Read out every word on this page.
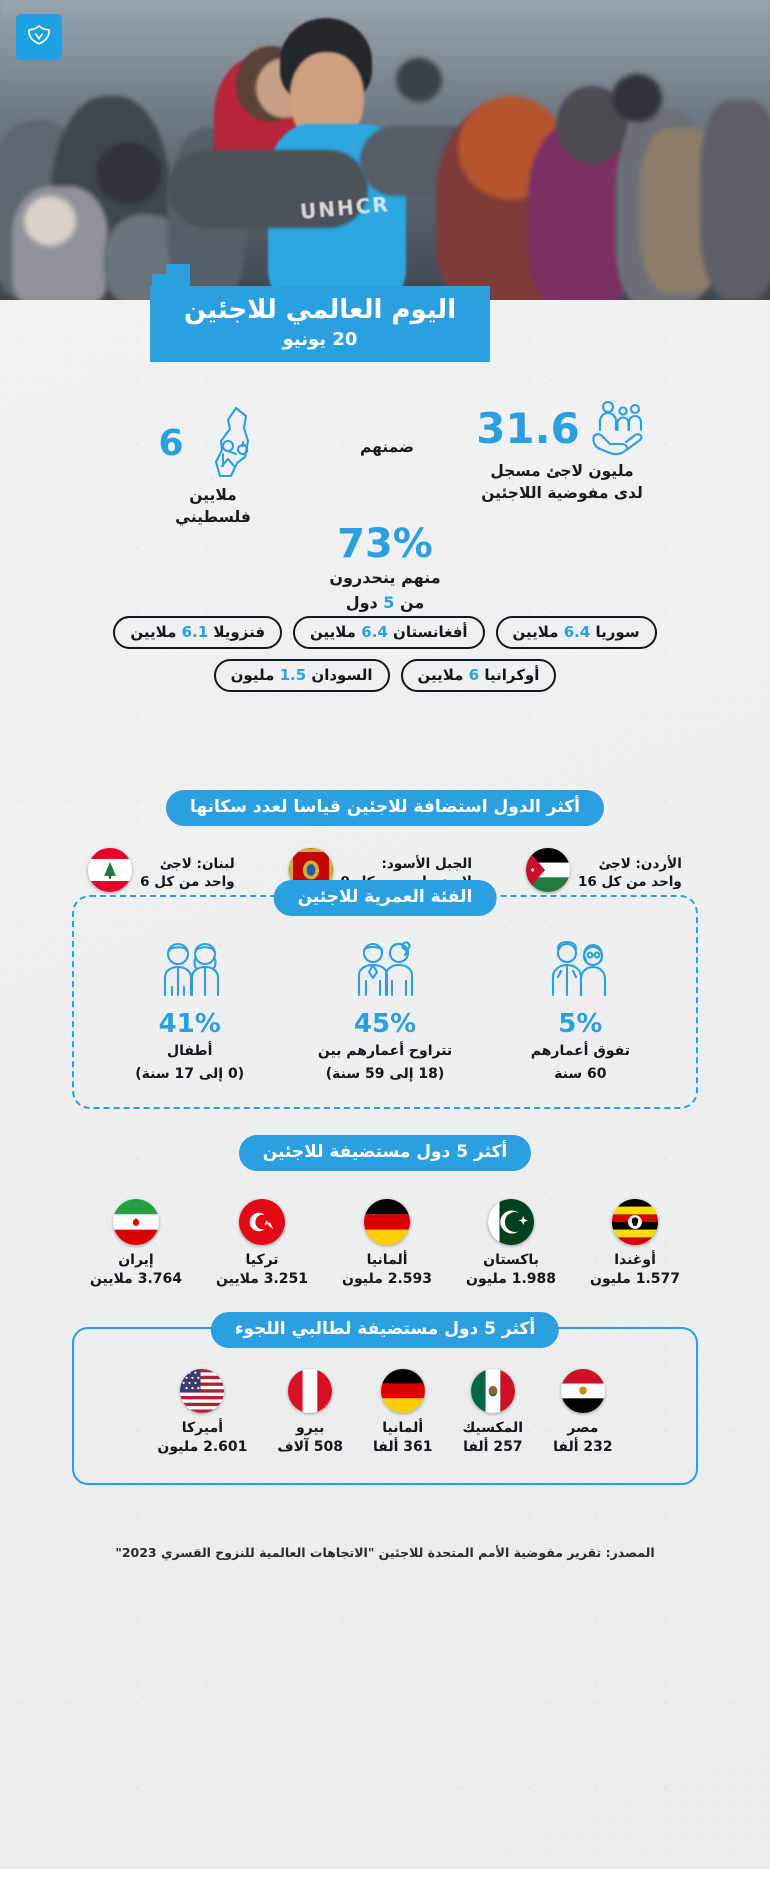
UNHCR
اليوم العالمي للاجئين
20 يونيو
31.6
مليون لاجئ مسجل
لدى مفوضية اللاجئين
ضمنهم
6
ملايين
فلسطيني
73%
منهم ينحدرون
من 5 دول
سوريا 6.4 ملايين
أفغانستان 6.4 ملايين
فنزويلا 6.1 ملايين
أوكرانيا 6 ملايين
السودان 1.5 مليون
أكثر الدول استضافة للاجئين قياسا لعدد سكانها
الأردن: لاجئ
واحد من كل 16
الجبل الأسود:
لبنان: لاجئ
واحد من كل 6
الفئة العمرية للاجئين
5%
تفوق أعمارهم
60 سنة
45%
تتراوح أعمارهم بين
(18 إلى 59 سنة)
41%
أطفال
(0 إلى 17 سنة)
أكثر 5 دول مستضيفة للاجئين
أوغندا
1.577 مليون
باكستان
1.988 مليون
ألمانيا
2.593 مليون
تركيا
3.251 ملايين
إيران
3.764 ملايين
أكثر 5 دول مستضيفة لطالبي اللجوء
مصر
232 ألفا
المكسيك
257 ألفا
ألمانيا
361 ألفا
بيرو
508 آلاف
أميركا
2.601 مليون
المصدر: تقرير مفوضية الأمم المتحدة للاجئين "الاتجاهات العالمية للنزوح القسري 2023"
